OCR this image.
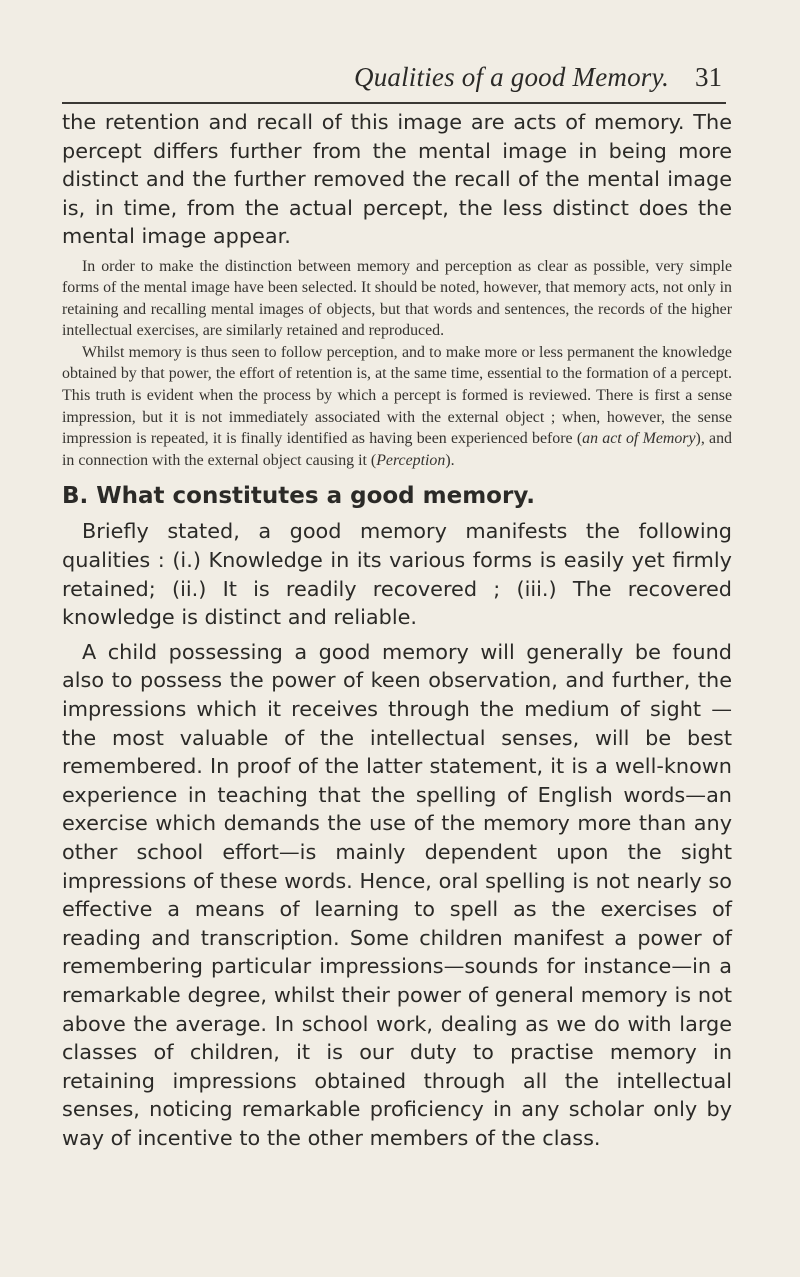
Qualities of a good Memory. 31

the retention and recall of this image are acts of memory. The percept differs further from the mental image in being more distinct and the further removed the recall of the mental image is, in time, from the actual percept, the less distinct does the mental image appear.

In order to make the distinction between memory and perception as clear as possible, very simple forms of the mental image have been selected. It should be noted, however, that memory acts, not only in retaining and recalling mental images of objects, but that words and sentences, the records of the higher intellectual exercises, are similarly retained and reproduced.

Whilst memory is thus seen to follow perception, and to make more or less permanent the knowledge obtained by that power, the effort of retention is, at the same time, essential to the formation of a percept. This truth is evident when the process by which a percept is formed is reviewed. There is first a sense impression, but it is not immediately associated with the external object ; when, however, the sense impression is repeated, it is finally identified as having been experienced before (an act of Memory), and in connection with the external object causing it (Perception).

B. What constitutes a good memory.

Briefly stated, a good memory manifests the following qualities : (i.) Knowledge in its various forms is easily yet firmly retained; (ii.) It is readily recovered ; (iii.) The recovered knowledge is distinct and reliable.

A child possessing a good memory will generally be found also to possess the power of keen observation, and further, the impressions which it receives through the medium of sight —the most valuable of the intellectual senses, will be best remembered. In proof of the latter statement, it is a well-known experience in teaching that the spelling of English words—an exercise which demands the use of the memory more than any other school effort—is mainly dependent upon the sight impressions of these words. Hence, oral spelling is not nearly so effective a means of learning to spell as the exercises of reading and transcription. Some children manifest a power of remembering particular impressions—sounds for instance—in a remarkable degree, whilst their power of general memory is not above the average. In school work, dealing as we do with large classes of children, it is our duty to practise memory in retaining impressions obtained through all the intellectual senses, noticing remarkable proficiency in any scholar only by way of incentive to the other members of the class.
